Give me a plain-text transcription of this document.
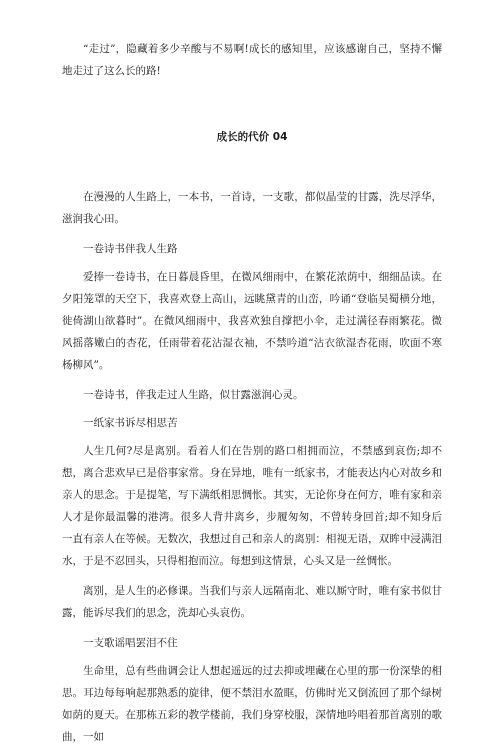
“走过”，隐藏着多少辛酸与不易啊!成长的感知里，应该感谢自己，坚持不懈地走过了这么长的路!

成长的代价 04

在漫漫的人生路上，一本书，一首诗，一支歌，都似晶莹的甘露，洗尽浮华，滋润我心田。

一卷诗书伴我人生路

爱捧一卷诗书，在日暮晨昏里，在微风细雨中，在繁花浓荫中，细细品读。在夕阳笼罩的天空下，我喜欢登上高山，远眺黛青的山峦，吟诵“登临吴蜀横分地，徙倚湖山欲暮时”。在微风细雨中，我喜欢独自撑把小伞，走过满径春雨繁花。微风摇落嫩白的杏花，任雨带着花沾湿衣袖，不禁吟道“沾衣欲湿杏花雨，吹面不寒杨柳风”。

一卷诗书，伴我走过人生路，似甘露滋润心灵。

一纸家书诉尽相思苦

人生几何?尽是离别。看着人们在告别的路口相拥而泣，不禁感到哀伤;却不想，离合悲欢早已是俗事家常。身在异地，唯有一纸家书，才能表达内心对故乡和亲人的思念。于是提笔，写下满纸相思惆怅。其实，无论你身在何方，唯有家和亲人才是你最温馨的港湾。很多人背井离乡，步履匆匆，不曾转身回首;却不知身后一直有亲人在等候。无数次，我想过自己和亲人的离别：相视无语，双眸中浸满泪水，于是不忍回头，只得相抱而泣。每想到这情景，心头又是一丝惆怅。

离别，是人生的必修课。当我们与亲人远隔南北、难以厮守时，唯有家书似甘露，能诉尽我们的思念，洗却心头哀伤。

一支歌谣唱罢泪不住

生命里，总有些曲调会让人想起遥远的过去抑或埋藏在心里的那一份深挚的相思。耳边每每响起那熟悉的旋律，便不禁泪水盈眶，仿佛时光又倒流回了那个绿树如荫的夏天。在那栋五彩的教学楼前，我们身穿校服，深情地吟唱着那首离别的歌曲，一如
